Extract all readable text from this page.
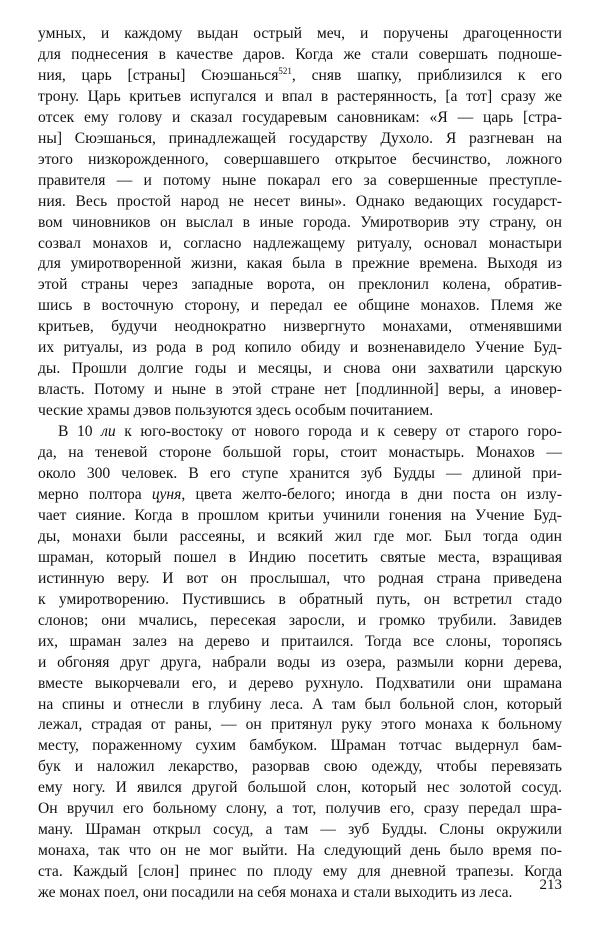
умных, и каждому выдан острый меч, и поручены драгоценности
для поднесения в качестве даров. Когда же стали совершать подноше-
ния, царь [страны] Сюэшанься$^{521}$, сняв шапку, приблизился к его
трону. Царь критьев испугался и впал в растерянность, [а тот] сразу же
отсек ему голову и сказал государевым сановникам: «Я — царь [стра-
ны] Сюэшанься, принадлежащей государству Духоло. Я разгневан на
этого низкорожденного, совершавшего открытое бесчинство, ложного
правителя — и потому ныне покарал его за совершенные преступле-
ния. Весь простой народ не несет вины». Однако ведающих государст-
вом чиновников он выслал в иные города. Умиротворив эту страну, он
созвал монахов и, согласно надлежащему ритуалу, основал монастыри
для умиротворенной жизни, какая была в прежние времена. Выходя из
этой страны через западные ворота, он преклонил колена, обратив-
шись в восточную сторону, и передал ее общине монахов. Племя же
критьев, будучи неоднократно низвергнуто монахами, отменявшими
их ритуалы, из рода в род копило обиду и возненавидело Учение Буд-
ды. Прошли долгие годы и месяцы, и снова они захватили царскую
власть. Потому и ныне в этой стране нет [подлинной] веры, а иновер-
ческие храмы дэвов пользуются здесь особым почитанием.
В 10 ли к юго-востоку от нового города и к северу от старого горо-
да, на теневой стороне большой горы, стоит монастырь. Монахов —
около 300 человек. В его ступе хранится зуб Будды — длиной при-
мерно полтора цуня, цвета желто-белого; иногда в дни поста он излу-
чает сияние. Когда в прошлом критьи учинили гонения на Учение Буд-
ды, монахи были рассеяны, и всякий жил где мог. Был тогда один
шраман, который пошел в Индию посетить святые места, взращивая
истинную веру. И вот он прослышал, что родная страна приведена
к умиротворению. Пустившись в обратный путь, он встретил стадо
слонов; они мчались, пересекая заросли, и громко трубили. Завидев
их, шраман залез на дерево и притаился. Тогда все слоны, торопясь
и обгоняя друг друга, набрали воды из озера, размыли корни дерева,
вместе выкорчевали его, и дерево рухнуло. Подхватили они шрамана
на спины и отнесли в глубину леса. А там был больной слон, который
лежал, страдая от раны, — он притянул руку этого монаха к больному
месту, пораженному сухим бамбуком. Шраман тотчас выдернул бам-
бук и наложил лекарство, разорвав свою одежду, чтобы перевязать
ему ногу. И явился другой большой слон, который нес золотой сосуд.
Он вручил его больному слону, а тот, получив его, сразу передал шра-
ману. Шраман открыл сосуд, а там — зуб Будды. Слоны окружили
монаха, так что он не мог выйти. На следующий день было время по-
ста. Каждый [слон] принес по плоду ему для дневной трапезы. Когда
же монах поел, они посадили на себя монаха и стали выходить из леса.	213
